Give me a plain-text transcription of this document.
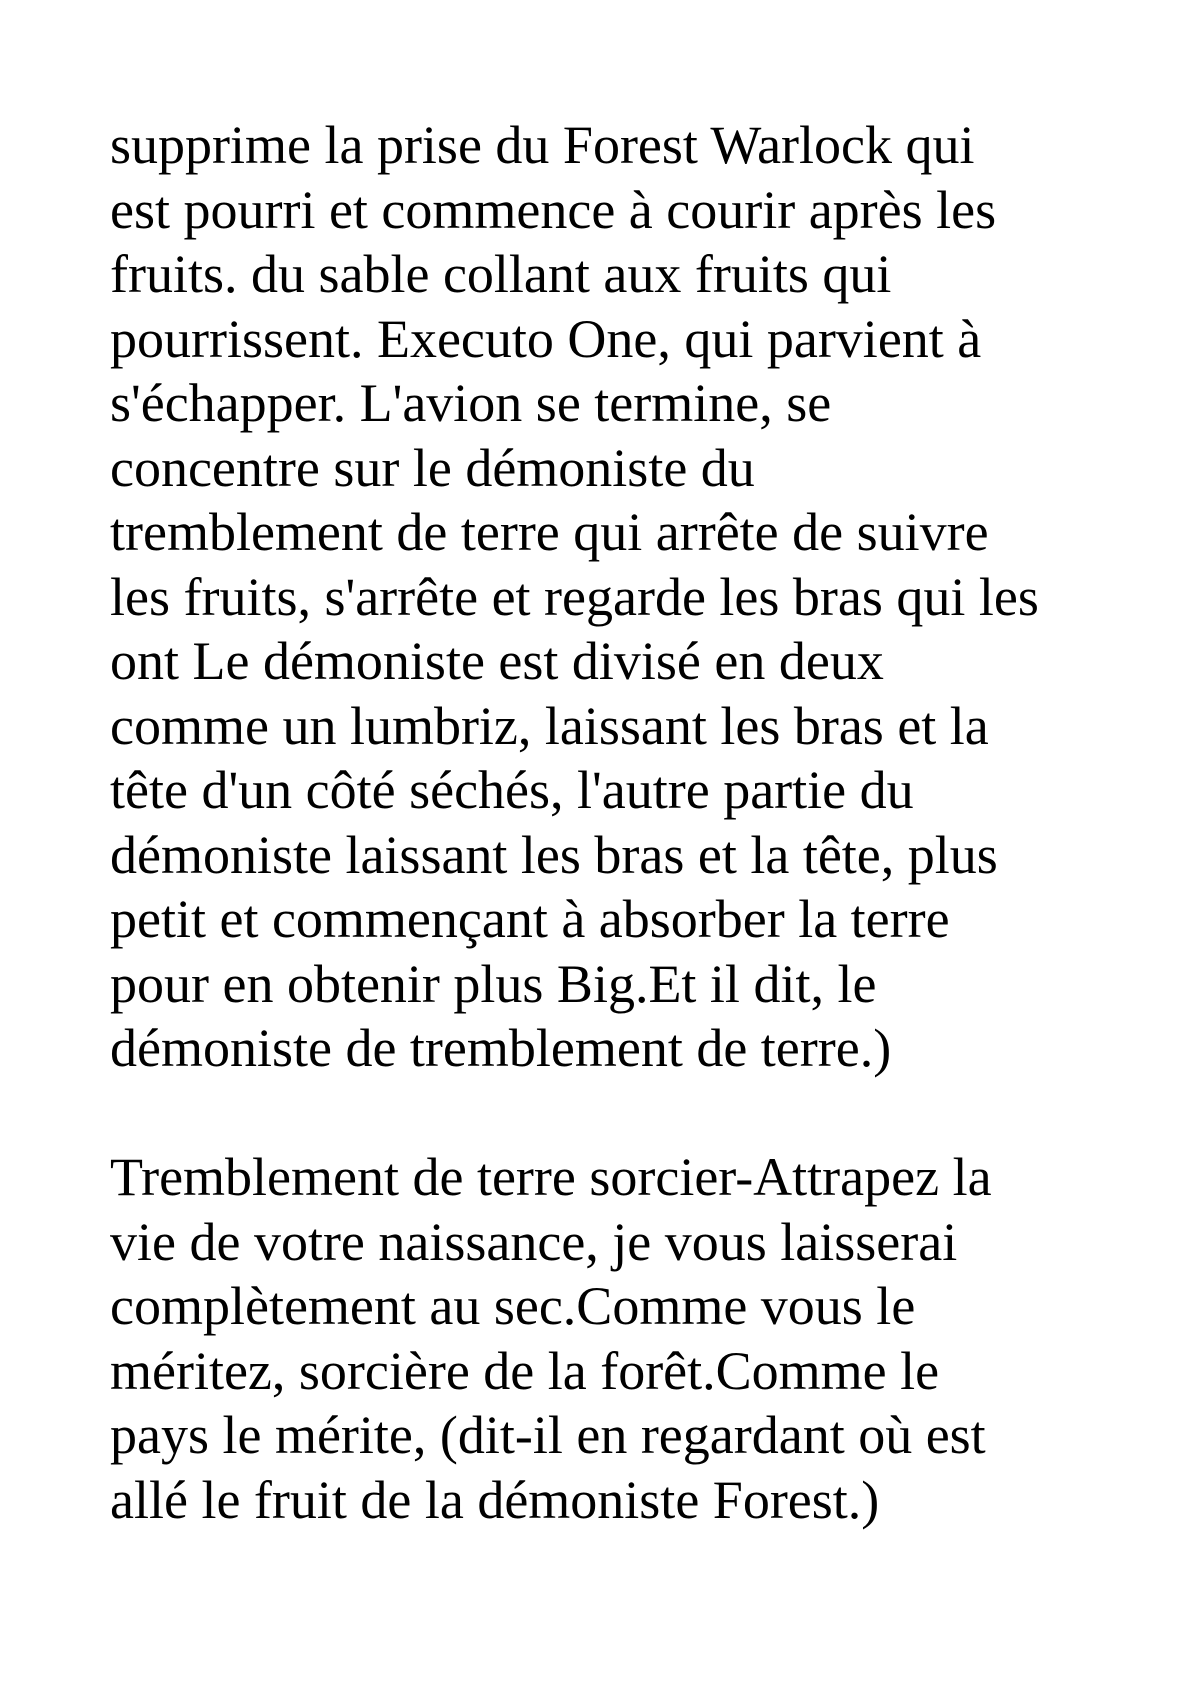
supprime la prise du Forest Warlock qui
est pourri et commence à courir après les
fruits. du sable collant aux fruits qui
pourrissent. Executo One, qui parvient à
s'échapper. L'avion se termine, se
concentre sur le démoniste du
tremblement de terre qui arrête de suivre
les fruits, s'arrête et regarde les bras qui les
ont Le démoniste est divisé en deux
comme un lumbriz, laissant les bras et la
tête d'un côté séchés, l'autre partie du
démoniste laissant les bras et la tête, plus
petit et commençant à absorber la terre
pour en obtenir plus Big.Et il dit, le
démoniste de tremblement de terre.)
Tremblement de terre sorcier-Attrapez la
vie de votre naissance, je vous laisserai
complètement au sec.Comme vous le
méritez, sorcière de la forêt.Comme le
pays le mérite, (dit-il en regardant où est
allé le fruit de la démoniste Forest.)
